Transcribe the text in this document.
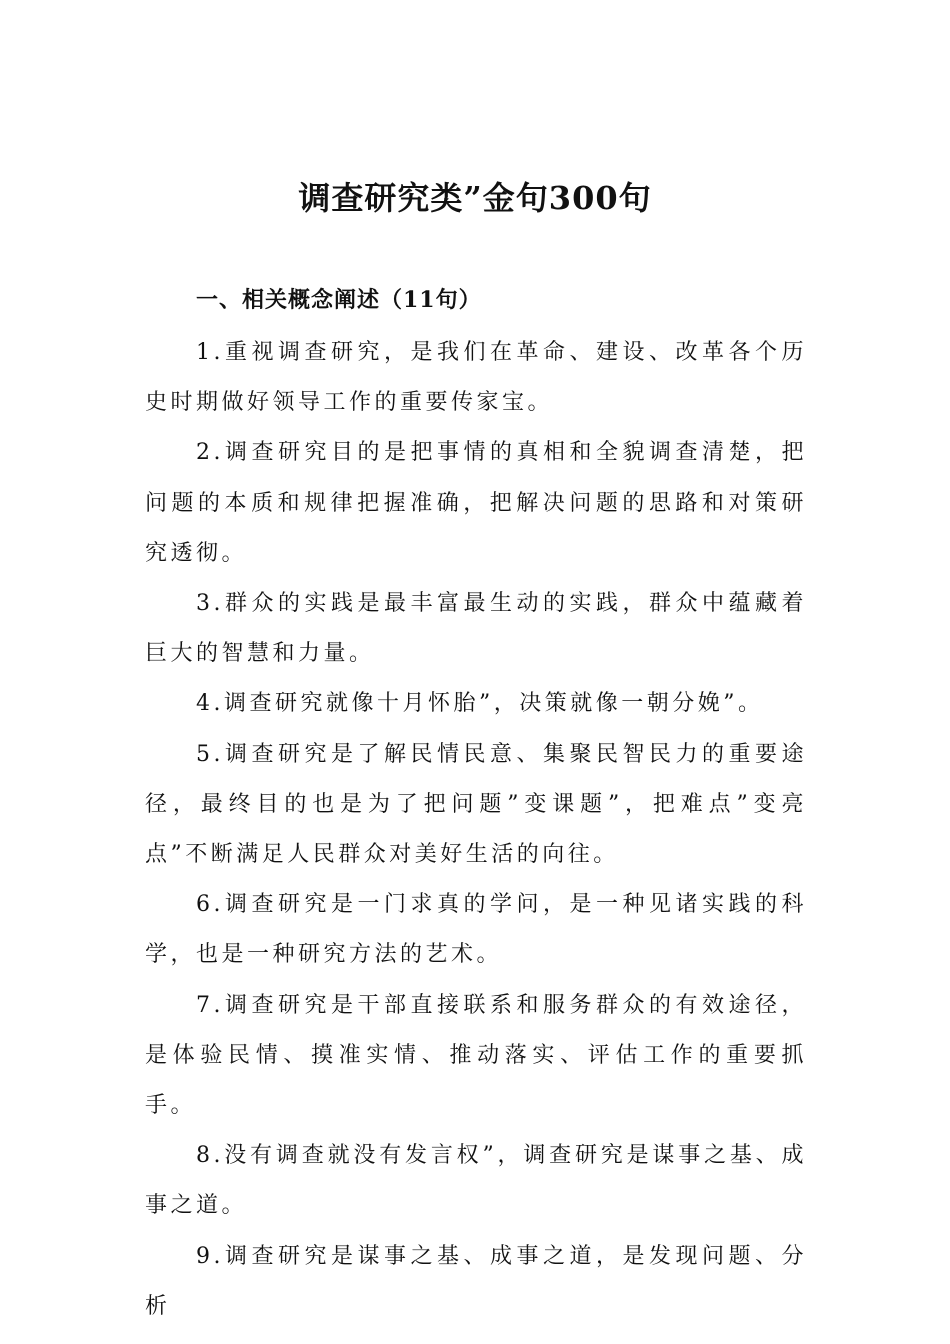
调查研究类”金句300句
一、相关概念阐述（11句）

1.重视调查研究，是我们在革命、建设、改革各个历史时期做好领导工作的重要传家宝。

2.调查研究目的是把事情的真相和全貌调查清楚，把问题的本质和规律把握准确，把解决问题的思路和对策研究透彻。

3.群众的实践是最丰富最生动的实践，群众中蕴藏着巨大的智慧和力量。

4.调查研究就像十月怀胎”，决策就像一朝分娩”。

5.调查研究是了解民情民意、集聚民智民力的重要途径，最终目的也是为了把问题”变课题”，把难点”变亮点”不断满足人民群众对美好生活的向往。

6.调查研究是一门求真的学问，是一种见诸实践的科学，也是一种研究方法的艺术。

7.调查研究是干部直接联系和服务群众的有效途径，是体验民情、摸准实情、推动落实、评估工作的重要抓手。

8.没有调查就没有发言权”，调查研究是谋事之基、成事之道。

9.调查研究是谋事之基、成事之道，是发现问题、分析
